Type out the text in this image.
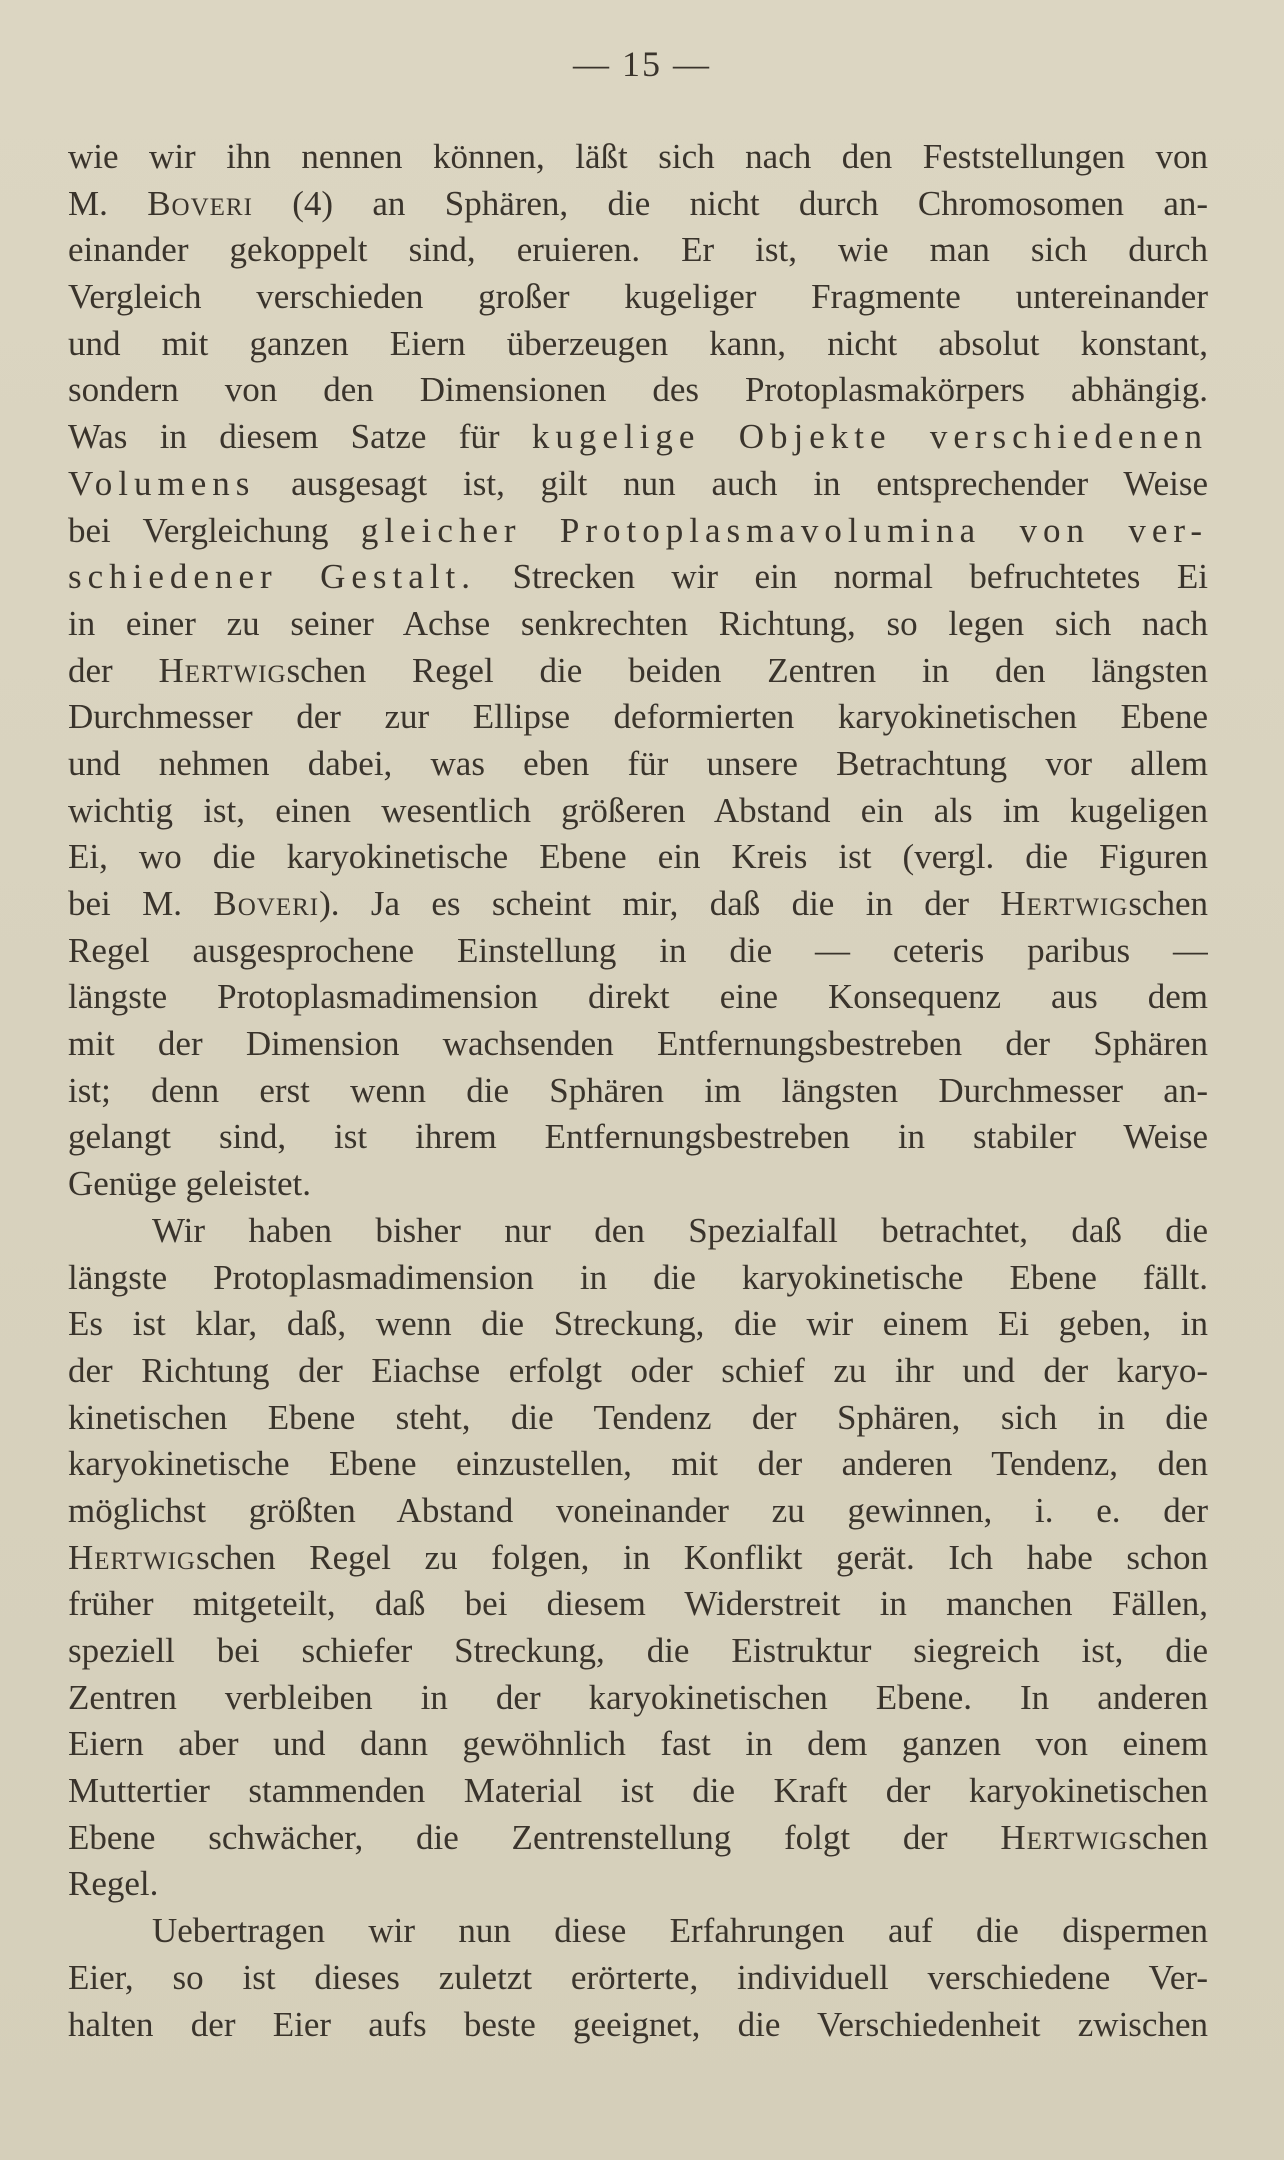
— 15 —
wie wir ihn nennen können, läßt sich nach den Feststellungen von
M. Boveri (4) an Sphären, die nicht durch Chromosomen an-
einander gekoppelt sind, eruieren. Er ist, wie man sich durch
Vergleich verschieden großer kugeliger Fragmente untereinander
und mit ganzen Eiern überzeugen kann, nicht absolut konstant,
sondern von den Dimensionen des Protoplasmakörpers abhängig.
Was in diesem Satze für kugelige Objekte verschiedenen
Volumens ausgesagt ist, gilt nun auch in entsprechender Weise
bei Vergleichung gleicher Protoplasmavolumina von ver-
schiedener Gestalt. Strecken wir ein normal befruchtetes Ei
in einer zu seiner Achse senkrechten Richtung, so legen sich nach
der Hertwigschen Regel die beiden Zentren in den längsten
Durchmesser der zur Ellipse deformierten karyokinetischen Ebene
und nehmen dabei, was eben für unsere Betrachtung vor allem
wichtig ist, einen wesentlich größeren Abstand ein als im kugeligen
Ei, wo die karyokinetische Ebene ein Kreis ist (vergl. die Figuren
bei M. Boveri). Ja es scheint mir, daß die in der Hertwigschen
Regel ausgesprochene Einstellung in die — ceteris paribus —
längste Protoplasmadimension direkt eine Konsequenz aus dem
mit der Dimension wachsenden Entfernungsbestreben der Sphären
ist; denn erst wenn die Sphären im längsten Durchmesser an-
gelangt sind, ist ihrem Entfernungsbestreben in stabiler Weise
Genüge geleistet.
Wir haben bisher nur den Spezialfall betrachtet, daß die
längste Protoplasmadimension in die karyokinetische Ebene fällt.
Es ist klar, daß, wenn die Streckung, die wir einem Ei geben, in
der Richtung der Eiachse erfolgt oder schief zu ihr und der karyo-
kinetischen Ebene steht, die Tendenz der Sphären, sich in die
karyokinetische Ebene einzustellen, mit der anderen Tendenz, den
möglichst größten Abstand voneinander zu gewinnen, i. e. der
Hertwigschen Regel zu folgen, in Konflikt gerät. Ich habe schon
früher mitgeteilt, daß bei diesem Widerstreit in manchen Fällen,
speziell bei schiefer Streckung, die Eistruktur siegreich ist, die
Zentren verbleiben in der karyokinetischen Ebene. In anderen
Eiern aber und dann gewöhnlich fast in dem ganzen von einem
Muttertier stammenden Material ist die Kraft der karyokinetischen
Ebene schwächer, die Zentrenstellung folgt der Hertwigschen
Regel.
Uebertragen wir nun diese Erfahrungen auf die dispermen
Eier, so ist dieses zuletzt erörterte, individuell verschiedene Ver-
halten der Eier aufs beste geeignet, die Verschiedenheit zwischen
